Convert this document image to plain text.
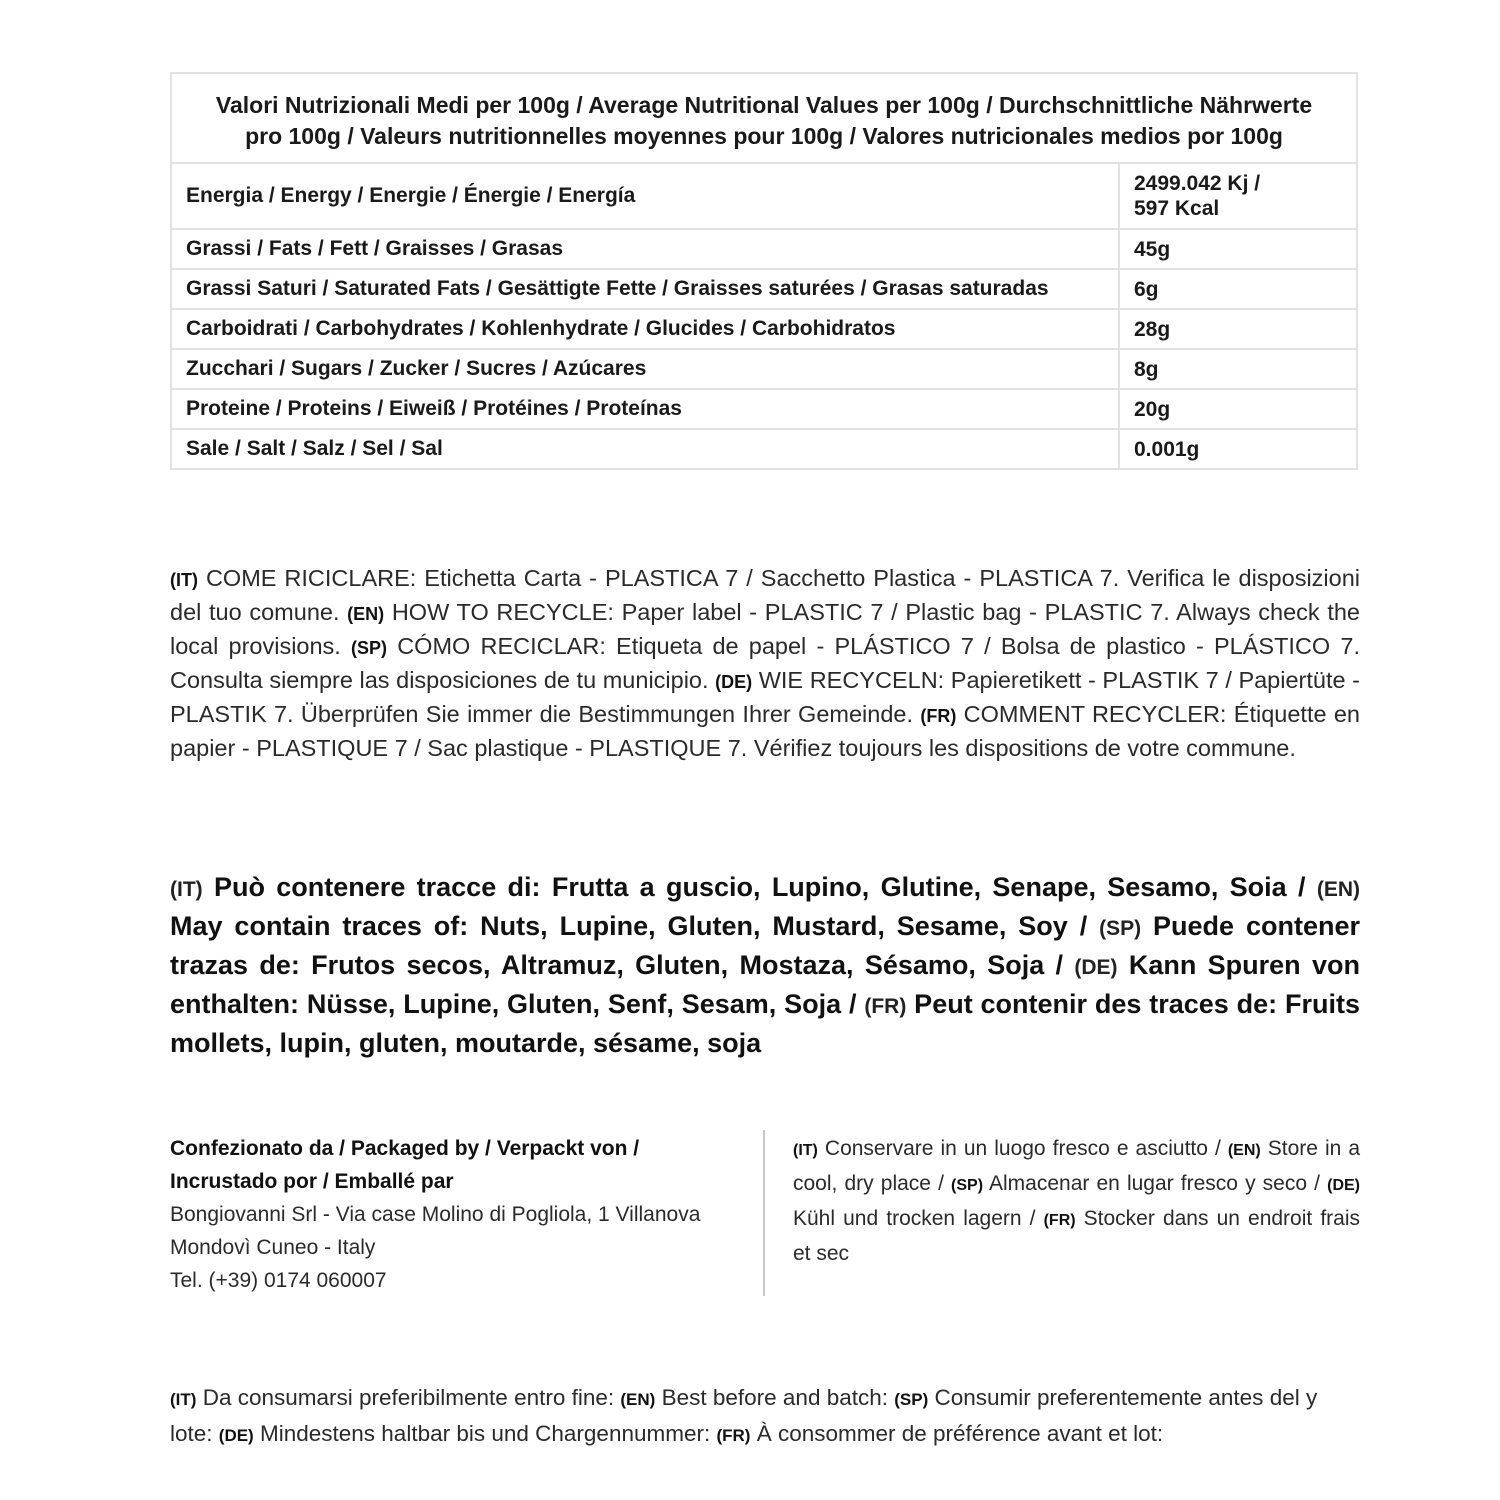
Valori Nutrizionali Medi per 100g / Average Nutritional Values per 100g / Durchschnittliche Nährwerte
pro 100g / Valeurs nutritionnelles moyennes pour 100g / Valores nutricionales medios por 100g	
Energia / Energy / Energie / Énergie / Energía	2499.042 Kj /
597 Kcal
Grassi / Fats / Fett / Graisses / Grasas	45g
Grassi Saturi / Saturated Fats / Gesättigte Fette / Graisses saturées / Grasas saturadas	6g
Carboidrati / Carbohydrates / Kohlenhydrate / Glucides / Carbohidratos	28g
Zucchari / Sugars / Zucker / Sucres / Azúcares	8g
Proteine / Proteins / Eiweiß / Protéines / Proteínas	20g
Sale / Salt / Salz / Sel / Sal	0.001g
(IT) COME RICICLARE: Etichetta Carta - PLASTICA 7 / Sacchetto Plastica - PLASTICA 7. Verifica le disposizioni del tuo comune. (EN) HOW TO RECYCLE: Paper label - PLASTIC 7 / Plastic bag - PLASTIC 7. Always check the local provisions. (SP) CÓMO RECICLAR: Etiqueta de papel - PLÁSTICO 7 / Bolsa de plastico - PLÁSTICO 7. Consulta siempre las disposiciones de tu municipio. (DE) WIE RECYCELN: Papieretikett - PLASTIK 7 / Papiertüte - PLASTIK 7. Überprüfen Sie immer die Bestimmungen Ihrer Gemeinde. (FR) COMMENT RECYCLER: Étiquette en papier - PLASTIQUE 7 / Sac plastique - PLASTIQUE 7. Vérifiez toujours les dispositions de votre commune.
(IT) Può contenere tracce di: Frutta a guscio, Lupino, Glutine, Senape, Sesamo, Soia / (EN) May contain traces of: Nuts, Lupine, Gluten, Mustard, Sesame, Soy / (SP) Puede contener trazas de: Frutos secos, Altramuz, Gluten, Mostaza, Sésamo, Soja / (DE) Kann Spuren von enthalten: Nüsse, Lupine, Gluten, Senf, Sesam, Soja / (FR) Peut contenir des traces de: Fruits mollets, lupin, gluten, moutarde, sésame, soja
Confezionato da / Packaged by / Verpackt von /
Incrustado por / Emballé par
Bongiovanni Srl - Via case Molino di Pogliola, 1 Villanova
Mondovì Cuneo - Italy
Tel. (+39) 0174 060007
(IT) Conservare in un luogo fresco e asciutto / (EN) Store in a cool, dry place / (SP) Almacenar en lugar fresco y seco / (DE) Kühl und trocken lagern / (FR) Stocker dans un endroit frais et sec
(IT) Da consumarsi preferibilmente entro fine: (EN) Best before and batch: (SP) Consumir preferentemente antes del y lote: (DE) Mindestens haltbar bis und Chargennummer: (FR) À consommer de préférence avant et lot:
